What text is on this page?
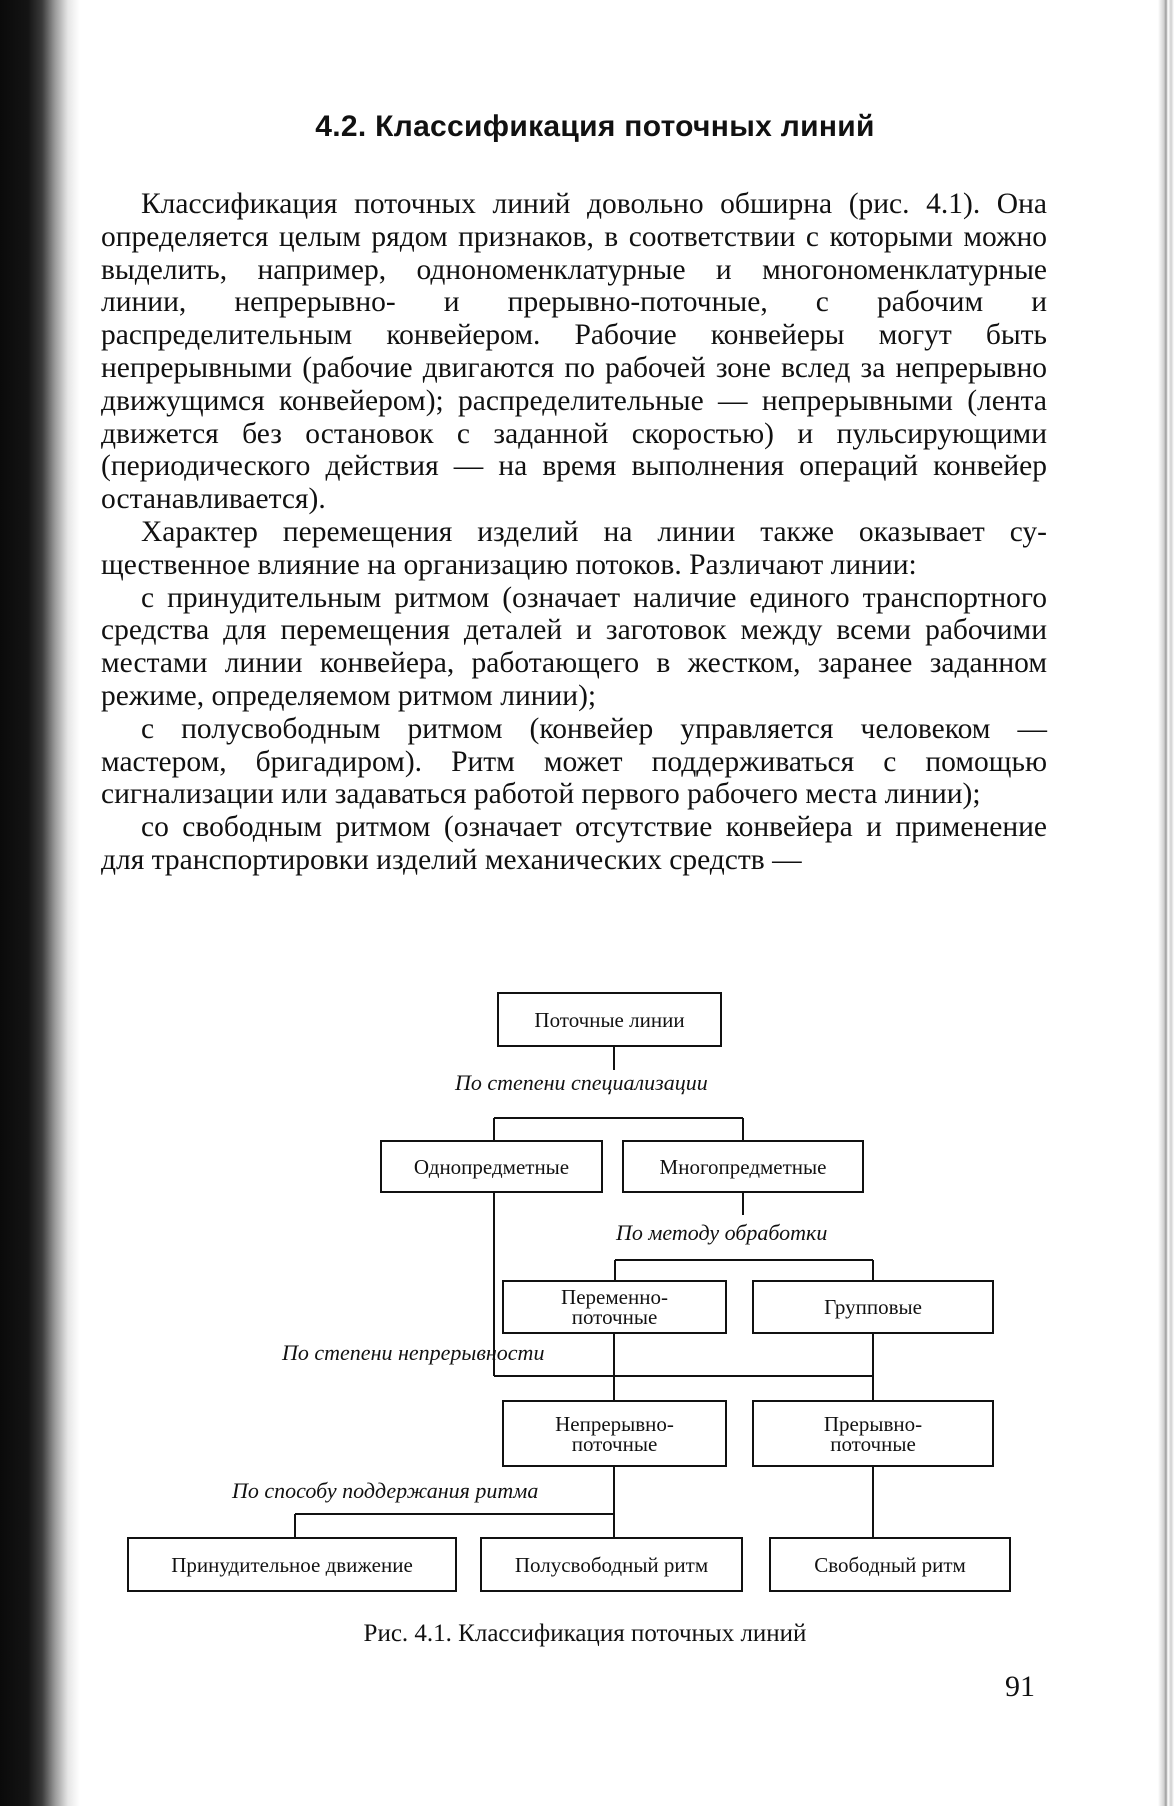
4.2. Классификация поточных линий

Классификация поточных линий довольно обширна (рис. 4.1). Она определяется целым рядом признаков, в соответствии с которыми можно выделить, например, однономенклатурные и многономенклатурные линии, непрерывно- и прерывно-поточные, с рабочим и распределительным конвейером. Рабочие конвейеры могут быть непрерывными (рабочие двигаются по рабочей зоне вслед за непрерывно движущимся конвейером); распределительные — непрерывными (лента движется без остановок с заданной скоростью) и пульсирующими (периодического действия — на время выполнения операций конвейер останавливается).

Характер перемещения изделий на линии также оказывает существенное влияние на организацию потоков. Различают линии:

с принудительным ритмом (означает наличие единого транспортного средства для перемещения деталей и заготовок между всеми рабочими местами линии конвейера, работающего в жестком, заранее заданном режиме, определяемом ритмом линии);

с полусвободным ритмом (конвейер управляется человеком — мастером, бригадиром). Ритм может поддерживаться с помощью сигнализации или задаваться работой первого рабочего места линии);

со свободным ритмом (означает отсутствие конвейера и применение для транспортировки изделий механических средств —

Поточные линии
По степени специализации
Однопредметные	Многопредметные
По методу обработки
Переменно-поточные	Групповые
По степени непрерывности
Непрерывно-поточные
Прерывно-поточные
По способу поддержания ритма
Принудительное движение	Полусвободный ритм	Свободный ритм
Рис. 4.1. Классификация поточных линий
91
